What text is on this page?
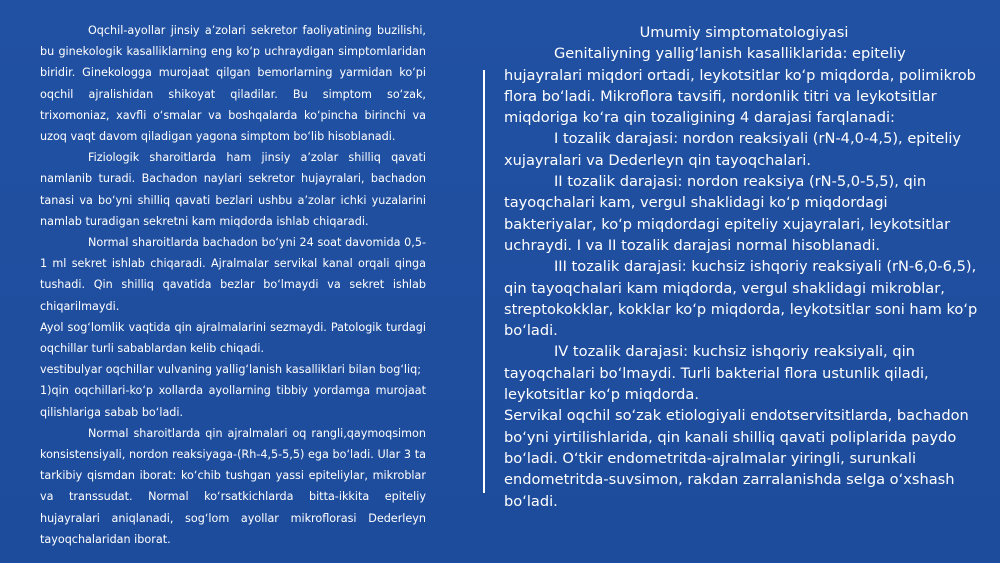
Oqchil-ayollar jinsiy a’zolari sekretor faoliyatining buzilishi, bu ginekologik kasalliklarning eng ko‘p uchraydigan simptomlaridan biridir. Ginekologga murojaat qilgan bemorlarning yarmidan ko‘pi oqchil ajralishidan shikoyat qiladilar. Bu simptom so‘zak, trixomoniaz, xavfli o‘smalar va boshqalarda ko‘pincha birinchi va uzoq vaqt davom qiladigan yagona simptom bo‘lib hisoblanadi.

Fiziologik sharoitlarda ham jinsiy a’zolar shilliq qavati namlanib turadi. Bachadon naylari sekretor hujayralari, bachadon tanasi va bo‘yni shilliq qavati bezlari ushbu a’zolar ichki yuzalarini namlab turadigan sekretni kam miqdorda ishlab chiqaradi.

Normal sharoitlarda bachadon bo‘yni 24 soat davomida 0,5-1 ml sekret ishlab chiqaradi. Ajralmalar servikal kanal orqali qinga tushadi. Qin shilliq qavatida bezlar bo‘lmaydi va sekret ishlab chiqarilmaydi.

Ayol sog‘lomlik vaqtida qin ajralmalarini sezmaydi. Patologik turdagi oqchillar turli sabablardan kelib chiqadi.

vestibulyar oqchillar vulvaning yallig‘lanish kasalliklari bilan bog‘liq;

1)qin oqchillari-ko‘p xollarda ayollarning tibbiy yordamga murojaat qilishlariga sabab bo‘ladi.

Normal sharoitlarda qin ajralmalari oq rangli,qaymoqsimon konsistensiyali, nordon reaksiyaga-(Rh-4,5-5,5) ega bo‘ladi. Ular 3 ta tarkibiy qismdan iborat: ko‘chib tushgan yassi epiteliylar, mikroblar va transsudat. Normal ko‘rsatkichlarda bitta-ikkita epiteliy hujayralari aniqlanadi, sog‘lom ayollar mikroflorasi Dederleyn tayoqchalaridan iborat.

Umumiy simptomatologiyasi

Genitaliyning yallig‘lanish kasalliklarida: epiteliy hujayralari miqdori ortadi, leykotsitlar ko‘p miqdorda, polimikrob flora bo‘ladi. Mikroflora tavsifi, nordonlik titri va leykotsitlar miqdoriga ko‘ra qin tozaligining 4 darajasi farqlanadi:

I tozalik darajasi: nordon reaksiyali (rN-4,0-4,5), epiteliy xujayralari va Dederleyn qin tayoqchalari.

II tozalik darajasi: nordon reaksiya (rN-5,0-5,5), qin tayoqchalari kam, vergul shaklidagi ko‘p miqdordagi bakteriyalar, ko‘p miqdordagi epiteliy xujayralari, leykotsitlar uchraydi. I va II tozalik darajasi normal hisoblanadi.

III tozalik darajasi: kuchsiz ishqoriy reaksiyali (rN-6,0-6,5), qin tayoqchalari kam miqdorda, vergul shaklidagi mikroblar, streptokokklar, kokklar ko‘p miqdorda, leykotsitlar soni ham ko‘p bo‘ladi.

IV tozalik darajasi: kuchsiz ishqoriy reaksiyali, qin tayoqchalari bo‘lmaydi. Turli bakterial flora ustunlik qiladi, leykotsitlar ko‘p miqdorda.

Servikal oqchil so‘zak etiologiyali endotservitsitlarda, bachadon bo‘yni yirtilishlarida, qin kanali shilliq qavati poliplarida paydo bo‘ladi. O‘tkir endometritda-ajralmalar yiringli, surunkali endometritda-suvsimon, rakdan zarralanishda selga o‘xshash bo‘ladi.
